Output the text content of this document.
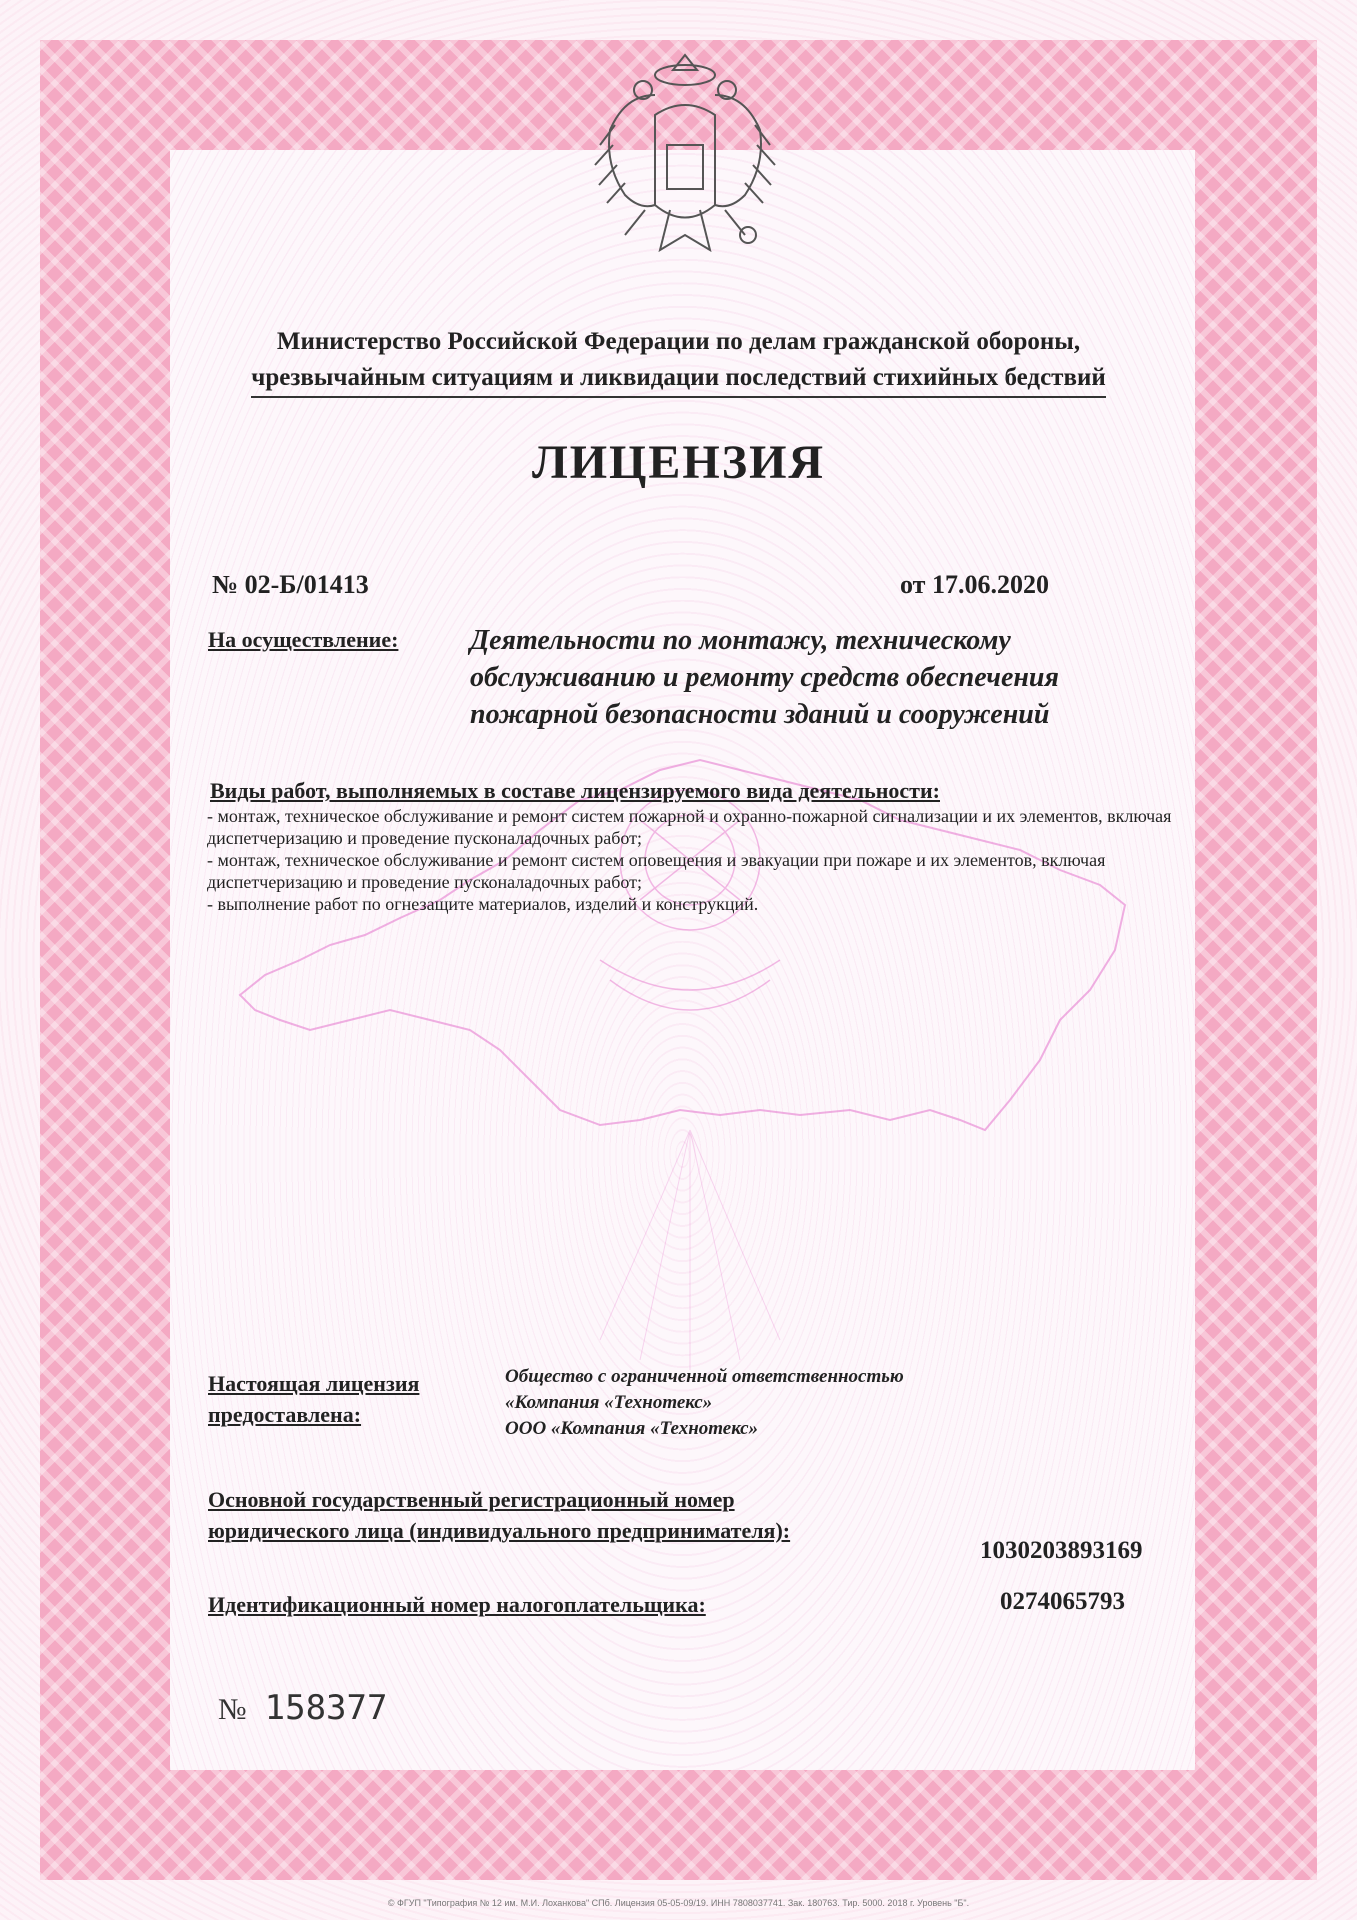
Министерство Российской Федерации по делам гражданской обороны,
чрезвычайным ситуациям и ликвидации последствий стихийных бедствий
ЛИЦЕНЗИЯ
№ 02-Б/01413	от 17.06.2020
На осуществление:	Деятельности по монтажу, техническому обслуживанию и ремонту средств обеспечения пожарной безопасности зданий и сооружений
Виды работ, выполняемых в составе лицензируемого вида деятельности:
- монтаж, техническое обслуживание и ремонт систем пожарной и охранно-пожарной сигнализации и их элементов, включая диспетчеризацию и проведение пусконаладочных работ;
- монтаж, техническое обслуживание и ремонт систем оповещения и эвакуации при пожаре и их элементов, включая диспетчеризацию и проведение пусконаладочных работ;
- выполнение работ по огнезащите материалов, изделий и конструкций.
Настоящая лицензия предоставлена:
Общество с ограниченной ответственностью
«Компания «Технотекс»
ООО «Компания «Технотекс»
Основной государственный регистрационный номер юридического лица (индивидуального предпринимателя):
1030203893169
Идентификационный номер налогоплательщика:	0274065793
№ 158377
© ФГУП "Типография № 12 им. М.И. Лоханкова" СПб. Лицензия 05-05-09/19. ИНН 7808037741. Зак. 180763. Тир. 5000. 2018 г. Уровень "Б".
